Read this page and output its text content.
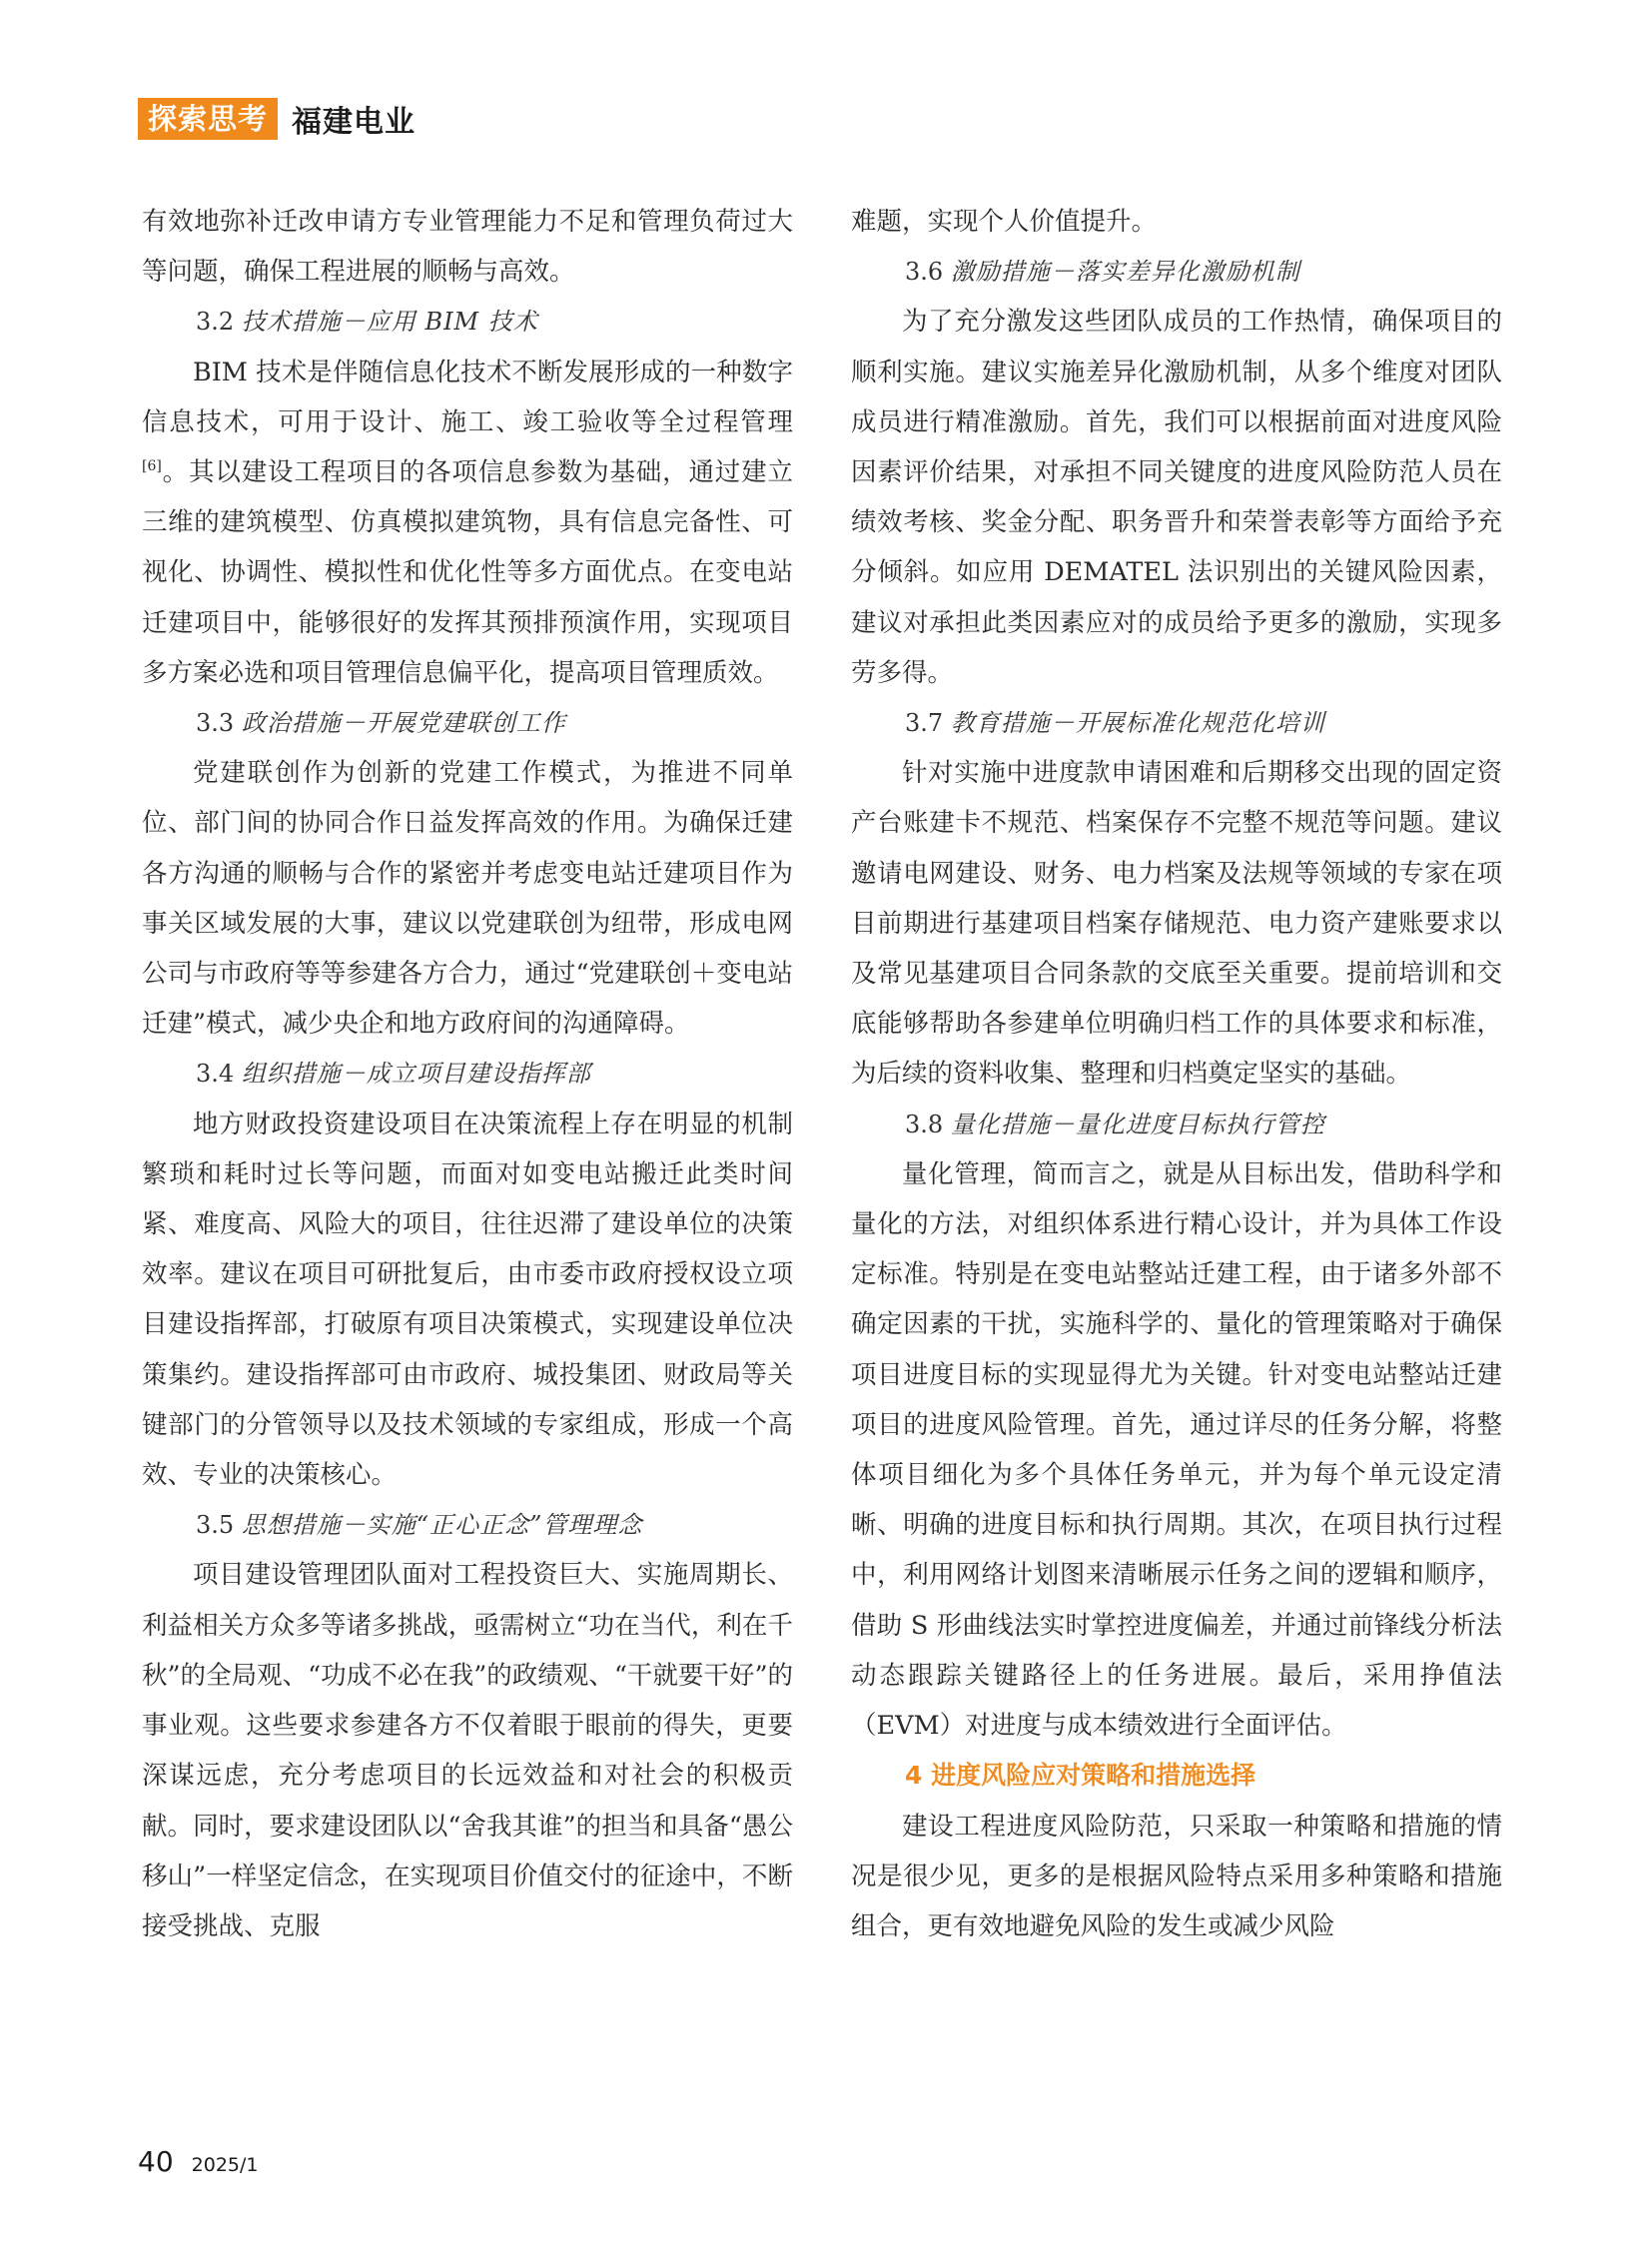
探索思考 福建电业

有效地弥补迁改申请方专业管理能力不足和管理负荷过大等问题，确保工程进展的顺畅与高效。

3.2 技术措施－应用 BIM 技术

BIM 技术是伴随信息化技术不断发展形成的一种数字信息技术，可用于设计、施工、竣工验收等全过程管理[6]。其以建设工程项目的各项信息参数为基础，通过建立三维的建筑模型、仿真模拟建筑物，具有信息完备性、可视化、协调性、模拟性和优化性等多方面优点。在变电站迁建项目中，能够很好的发挥其预排预演作用，实现项目多方案必选和项目管理信息偏平化，提高项目管理质效。

3.3 政治措施－开展党建联创工作

党建联创作为创新的党建工作模式，为推进不同单位、部门间的协同合作日益发挥高效的作用。为确保迁建各方沟通的顺畅与合作的紧密并考虑变电站迁建项目作为事关区域发展的大事，建议以党建联创为纽带，形成电网公司与市政府等等参建各方合力，通过“党建联创＋变电站迁建”模式，减少央企和地方政府间的沟通障碍。

3.4 组织措施－成立项目建设指挥部

地方财政投资建设项目在决策流程上存在明显的机制繁琐和耗时过长等问题，而面对如变电站搬迁此类时间紧、难度高、风险大的项目，往往迟滞了建设单位的决策效率。建议在项目可研批复后，由市委市政府授权设立项目建设指挥部，打破原有项目决策模式，实现建设单位决策集约。建设指挥部可由市政府、城投集团、财政局等关键部门的分管领导以及技术领域的专家组成，形成一个高效、专业的决策核心。

3.5 思想措施－实施“正心正念”管理理念

项目建设管理团队面对工程投资巨大、实施周期长、利益相关方众多等诸多挑战，亟需树立“功在当代，利在千秋”的全局观、“功成不必在我”的政绩观、“干就要干好”的事业观。这些要求参建各方不仅着眼于眼前的得失，更要深谋远虑，充分考虑项目的长远效益和对社会的积极贡献。同时，要求建设团队以“舍我其谁”的担当和具备“愚公移山”一样坚定信念，在实现项目价值交付的征途中，不断接受挑战、克服

难题，实现个人价值提升。

3.6 激励措施－落实差异化激励机制

为了充分激发这些团队成员的工作热情，确保项目的顺利实施。建议实施差异化激励机制，从多个维度对团队成员进行精准激励。首先，我们可以根据前面对进度风险因素评价结果，对承担不同关键度的进度风险防范人员在绩效考核、奖金分配、职务晋升和荣誉表彰等方面给予充分倾斜。如应用 DEMATEL 法识别出的关键风险因素，建议对承担此类因素应对的成员给予更多的激励，实现多劳多得。

3.7 教育措施－开展标准化规范化培训

针对实施中进度款申请困难和后期移交出现的固定资产台账建卡不规范、档案保存不完整不规范等问题。建议邀请电网建设、财务、电力档案及法规等领域的专家在项目前期进行基建项目档案存储规范、电力资产建账要求以及常见基建项目合同条款的交底至关重要。提前培训和交底能够帮助各参建单位明确归档工作的具体要求和标准，为后续的资料收集、整理和归档奠定坚实的基础。

3.8 量化措施－量化进度目标执行管控

量化管理，简而言之，就是从目标出发，借助科学和量化的方法，对组织体系进行精心设计，并为具体工作设定标准。特别是在变电站整站迁建工程，由于诸多外部不确定因素的干扰，实施科学的、量化的管理策略对于确保项目进度目标的实现显得尤为关键。针对变电站整站迁建项目的进度风险管理。首先，通过详尽的任务分解，将整体项目细化为多个具体任务单元，并为每个单元设定清晰、明确的进度目标和执行周期。其次，在项目执行过程中，利用网络计划图来清晰展示任务之间的逻辑和顺序，借助 S 形曲线法实时掌控进度偏差，并通过前锋线分析法动态跟踪关键路径上的任务进展。最后，采用挣值法（EVM）对进度与成本绩效进行全面评估。

4 进度风险应对策略和措施选择

建设工程进度风险防范，只采取一种策略和措施的情况是很少见，更多的是根据风险特点采用多种策略和措施组合，更有效地避免风险的发生或减少风险

40 2025/1
